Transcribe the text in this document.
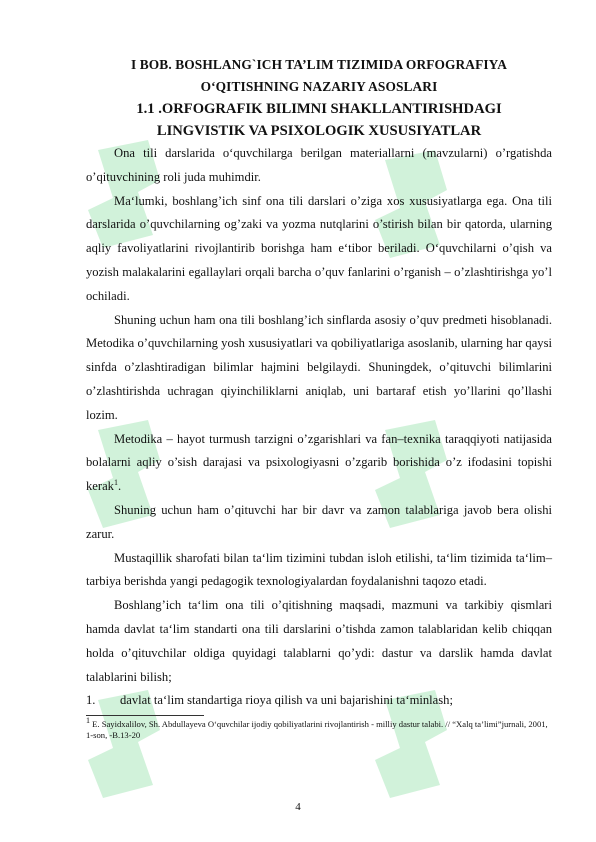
I BOB. BOSHLANG`ICH TA’LIM TIZIMIDA ORFOGRAFIYA
O‘QITISHNING NAZARIY ASOSLARI
1.1 .ORFOGRAFIK BILIMNI SHAKLLANTIRISHDAGI
LINGVISTIK VA PSIXOLOGIK XUSUSIYATLAR

Ona tili darslarida o‘quvchilarga berilgan materiallarni (mavzularni) o’rgatishda o’qituvchining roli juda muhimdir.

Ma‘lumki, boshlang’ich sinf ona tili darslari o’ziga xos xususiyatlarga ega. Ona tili darslarida o’quvchilarning og’zaki va yozma nutqlarini o’stirish bilan bir qatorda, ularning aqliy favoliyatlarini rivojlantirib borishga ham e‘tibor beriladi. O‘quvchilarni o’qish va yozish malakalarini egallaylari orqali barcha o’quv fanlarini o’rganish – o’zlashtirishga yo’l ochiladi.

Shuning uchun ham ona tili boshlang’ich sinflarda asosiy o’quv predmeti hisoblanadi. Metodika o’quvchilarning yosh xususiyatlari va qobiliyatlariga asoslanib, ularning har qaysi sinfda o’zlashtiradigan bilimlar hajmini belgilaydi. Shuningdek, o’qituvchi bilimlarini o’zlashtirishda uchragan qiyinchiliklarni aniqlab, uni bartaraf etish yo’llarini qo’llashi lozim.

Metodika – hayot turmush tarzigni o’zgarishlari va fan–texnika taraqqiyoti natijasida bolalarni aqliy o’sish darajasi va psixologiyasni o’zgarib borishida o’z ifodasini topishi kerak$^1$.

Shuning uchun ham o’qituvchi har bir davr va zamon talablariga javob bera olishi zarur.

Mustaqillik sharofati bilan ta‘lim tizimini tubdan isloh etilishi, ta‘lim tizimida ta‘lim–tarbiya berishda yangi pedagogik texnologiyalardan foydalanishni taqozo etadi.

Boshlang’ich ta‘lim ona tili o’qitishning maqsadi, mazmuni va tarkibiy qismlari hamda davlat ta‘lim standarti ona tili darslarini o’tishda zamon talablaridan kelib chiqqan holda o’qituvchilar oldiga quyidagi talablarni qo’ydi: dastur va darslik hamda davlat talablarini bilish;

1. davlat ta‘lim standartiga rioya qilish va uni bajarishini ta‘minlash;

$^1$ E. Sayidxalilov, Sh. Abdullayeva O‘quvchilar ijodiy qobiliyatlarini rivojlantirish - milliy dastur talabi. // “Xalq ta’limi”jurnali, 2001, 1-son, -B.13-20
4
